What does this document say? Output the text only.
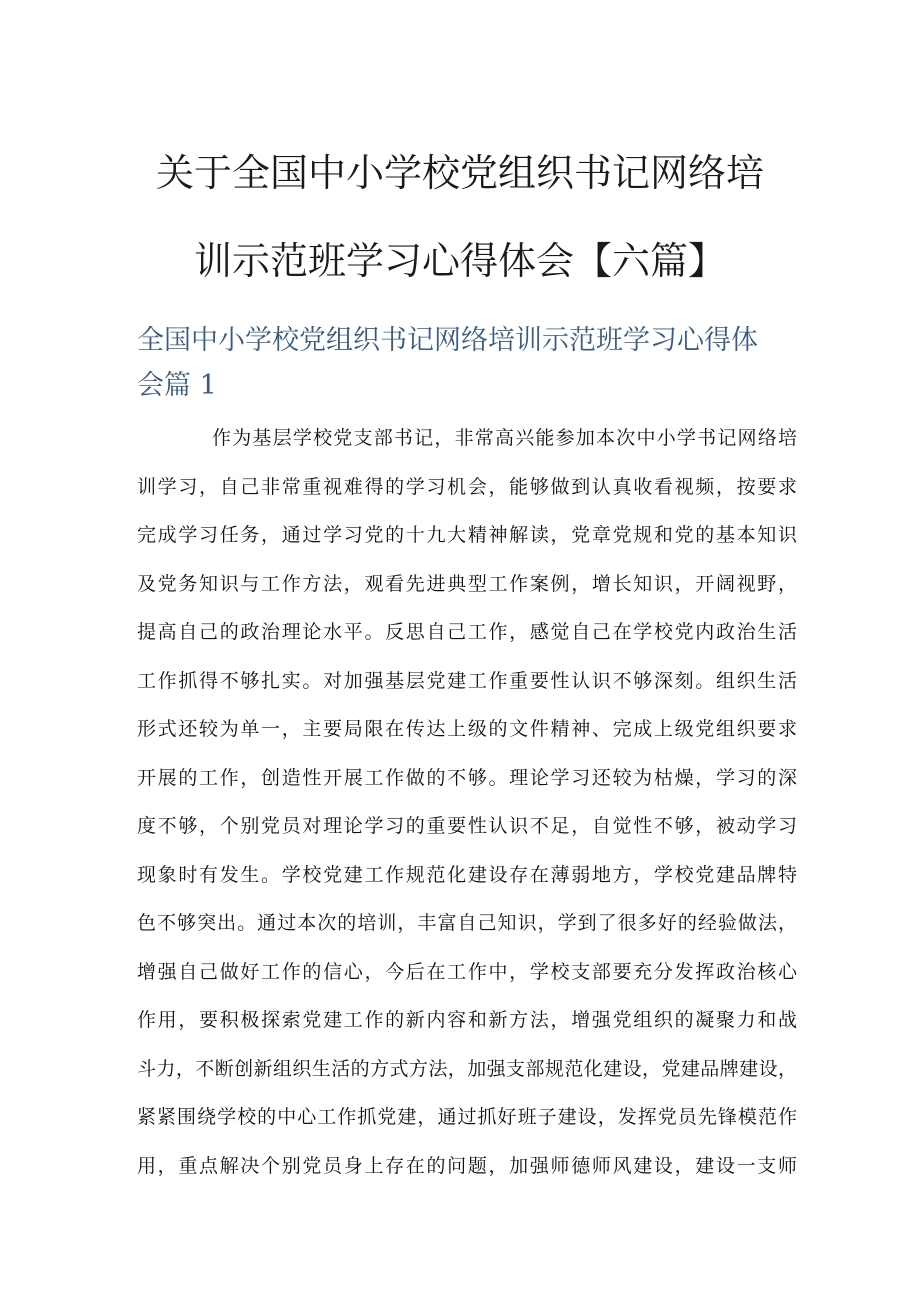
关于全国中小学校党组织书记网络培
训示范班学习心得体会【六篇】
全国中小学校党组织书记网络培训示范班学习心得体
会篇 1
作为基层学校党支部书记，非常高兴能参加本次中小学书记网络培
训学习，自己非常重视难得的学习机会，能够做到认真收看视频，按要求
完成学习任务，通过学习党的十九大精神解读，党章党规和党的基本知识
及党务知识与工作方法，观看先进典型工作案例，增长知识，开阔视野，
提高自己的政治理论水平。反思自己工作，感觉自己在学校党内政治生活
工作抓得不够扎实。对加强基层党建工作重要性认识不够深刻。组织生活
形式还较为单一，主要局限在传达上级的文件精神、完成上级党组织要求
开展的工作，创造性开展工作做的不够。理论学习还较为枯燥，学习的深
度不够，个别党员对理论学习的重要性认识不足，自觉性不够，被动学习
现象时有发生。学校党建工作规范化建设存在薄弱地方，学校党建品牌特
色不够突出。通过本次的培训，丰富自己知识，学到了很多好的经验做法，
增强自己做好工作的信心，今后在工作中，学校支部要充分发挥政治核心
作用，要积极探索党建工作的新内容和新方法，增强党组织的凝聚力和战
斗力，不断创新组织生活的方式方法，加强支部规范化建设，党建品牌建设，
紧紧围绕学校的中心工作抓党建，通过抓好班子建设，发挥党员先锋模范作
用，重点解决个别党员身上存在的问题，加强师德师风建设，建设一支师
